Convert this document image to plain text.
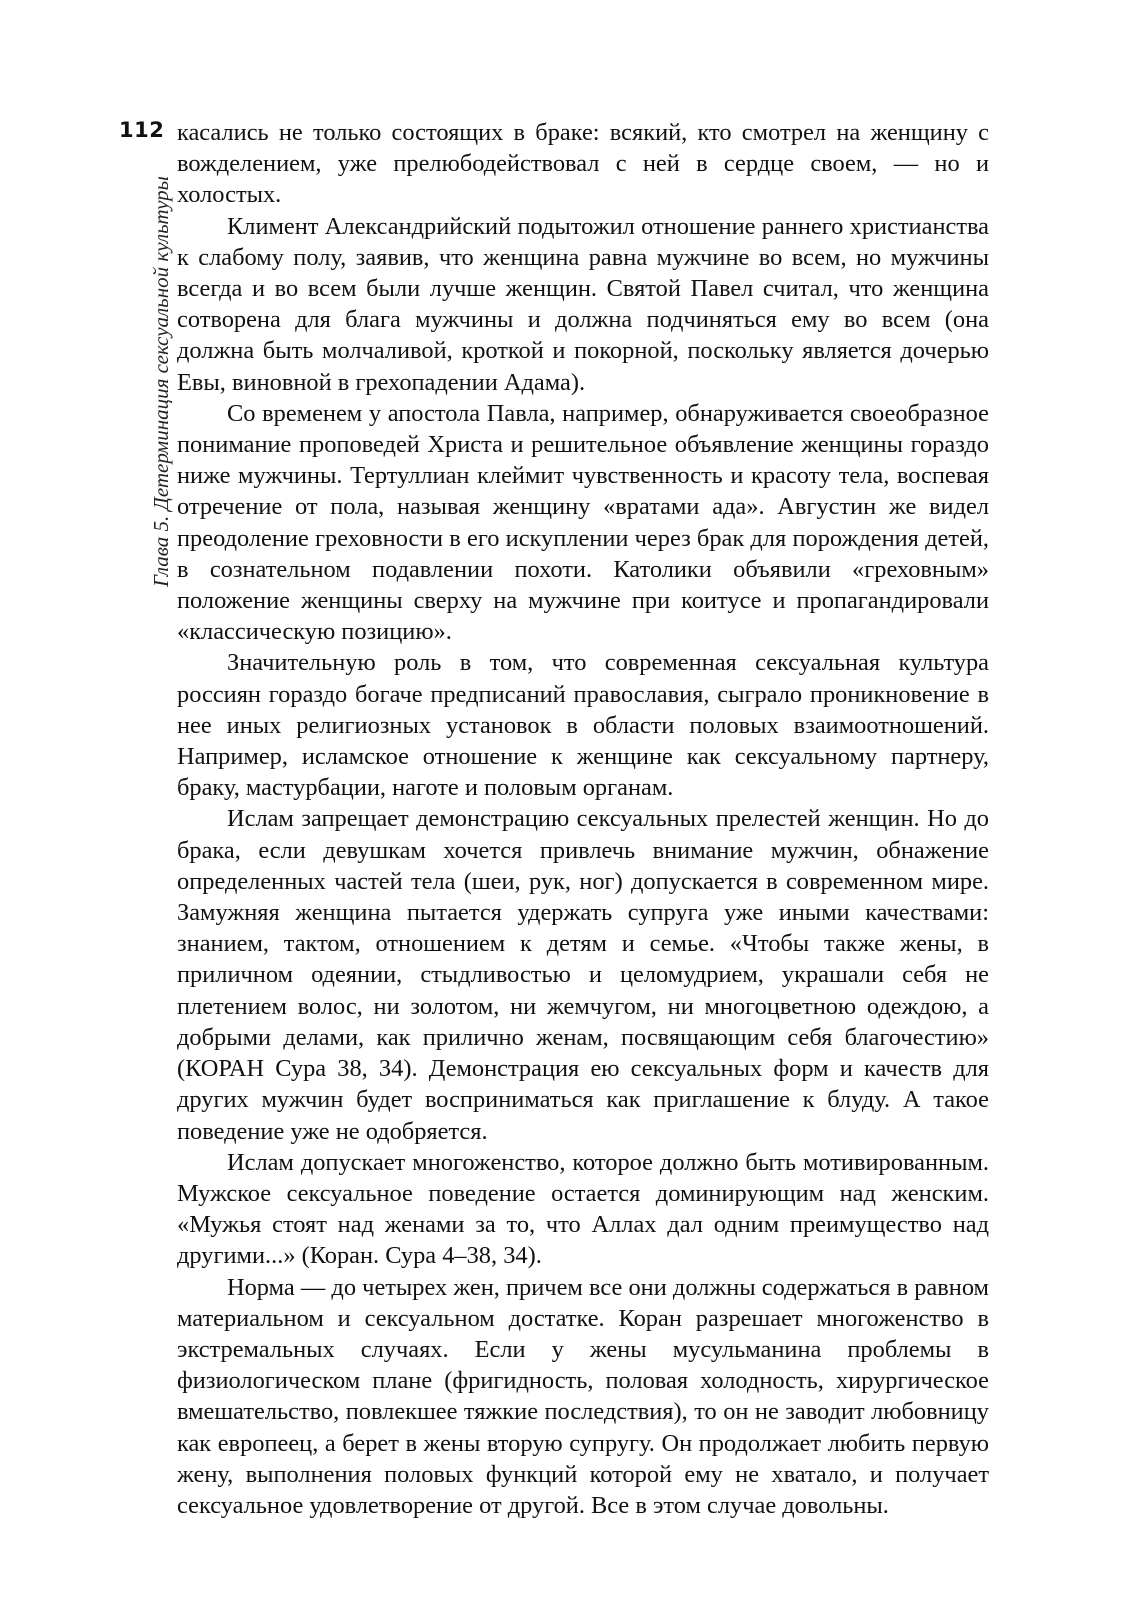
112
Глава 5. Детерминация сексуальной культуры

касались не только состоящих в браке: всякий, кто смотрел на женщину с вожделением, уже прелюбодействовал с ней в сердце своем, — но и холостых.

Климент Александрийский подытожил отношение раннего христианства к слабому полу, заявив, что женщина равна мужчине во всем, но мужчины всегда и во всем были лучше женщин. Святой Павел считал, что женщина сотворена для блага мужчины и должна подчиняться ему во всем (она должна быть молчаливой, кроткой и покорной, поскольку является дочерью Евы, виновной в грехопадении Адама).

Со временем у апостола Павла, например, обнаруживается своеобразное понимание проповедей Христа и решительное объявление женщины гораздо ниже мужчины. Тертуллиан клеймит чувственность и красоту тела, воспевая отречение от пола, называя женщину «вратами ада». Августин же видел преодоление греховности в его искуплении через брак для порождения детей, в сознательном подавлении похоти. Католики объявили «греховным» положение женщины сверху на мужчине при коитусе и пропагандировали «классическую позицию».

Значительную роль в том, что современная сексуальная культура россиян гораздо богаче предписаний православия, сыграло проникновение в нее иных религиозных установок в области половых взаимоотношений. Например, исламское отношение к женщине как сексуальному партнеру, браку, мастурбации, наготе и половым органам.

Ислам запрещает демонстрацию сексуальных прелестей женщин. Но до брака, если девушкам хочется привлечь внимание мужчин, обнажение определенных частей тела (шеи, рук, ног) допускается в современном мире. Замужняя женщина пытается удержать супруга уже иными качествами: знанием, тактом, отношением к детям и семье. «Чтобы также жены, в приличном одеянии, стыдливостью и целомудрием, украшали себя не плетением волос, ни золотом, ни жемчугом, ни многоцветною одеждою, а добрыми делами, как прилично женам, посвящающим себя благочестию» (КОРАН Сура 38, 34). Демонстрация ею сексуальных форм и качеств для других мужчин будет восприниматься как приглашение к блуду. А такое поведение уже не одобряется.

Ислам допускает многоженство, которое должно быть мотивированным. Мужское сексуальное поведение остается доминирующим над женским. «Мужья стоят над женами за то, что Аллах дал одним преимущество над другими...» (Коран. Сура 4–38, 34).

Норма — до четырех жен, причем все они должны содержаться в равном материальном и сексуальном достатке. Коран разрешает многоженство в экстремальных случаях. Если у жены мусульманина проблемы в физиологическом плане (фригидность, половая холодность, хирургическое вмешательство, повлекшее тяжкие последствия), то он не заводит любовницу как европеец, а берет в жены вторую супругу. Он продолжает любить первую жену, выполнения половых функций которой ему не хватало, и получает сексуальное удовлетворение от другой. Все в этом случае довольны.
